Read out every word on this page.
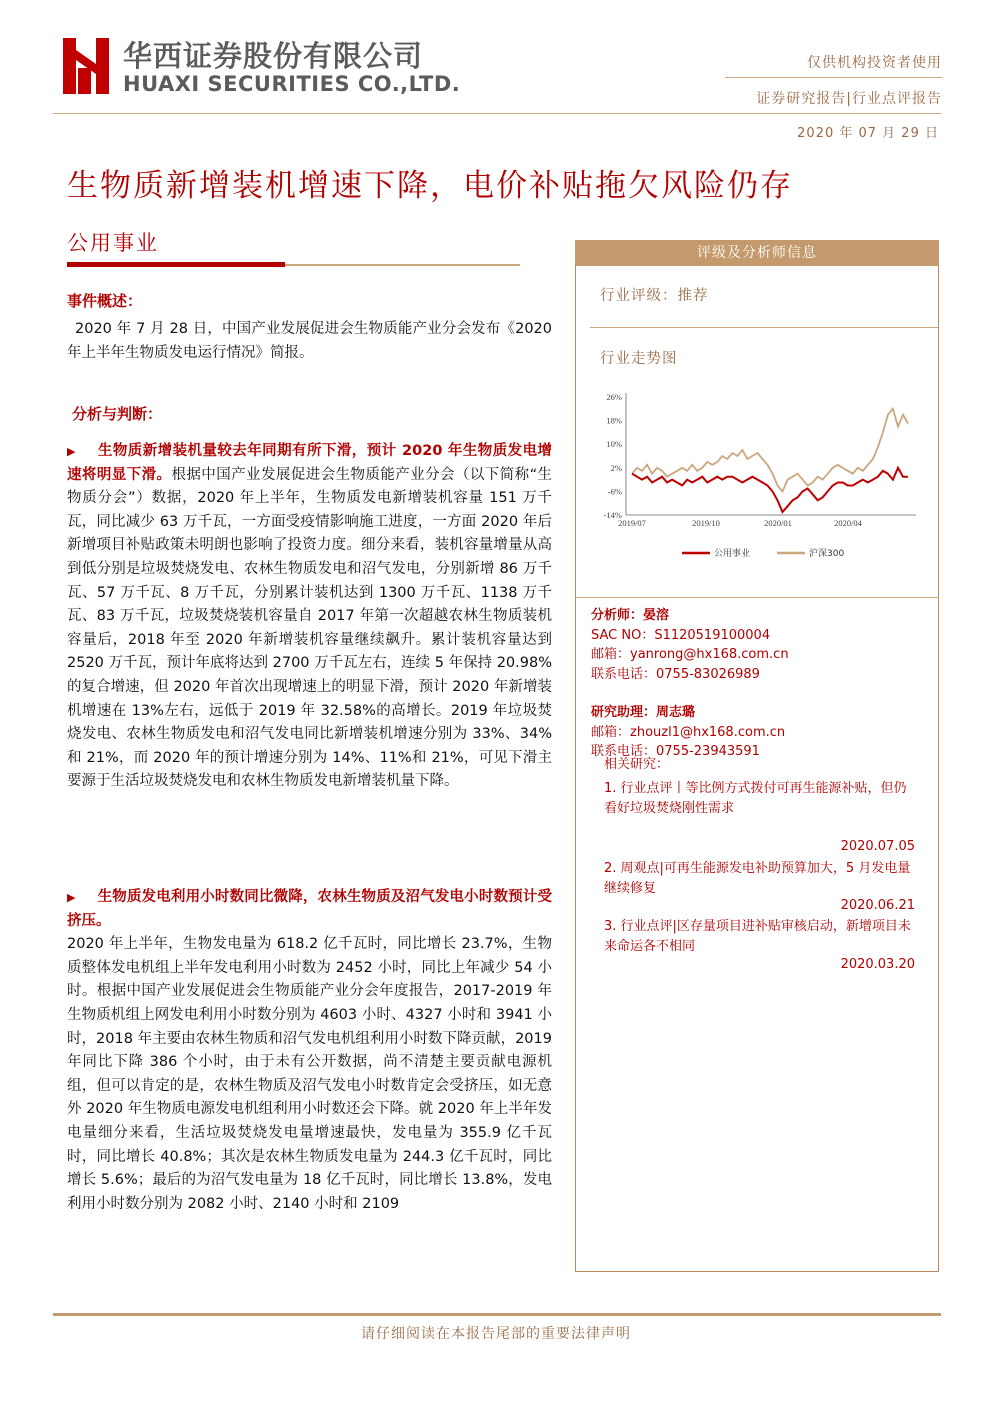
华西证券股份有限公司
HUAXI SECURITIES CO.,LTD.
仅供机构投资者使用
证券研究报告|行业点评报告
2020 年 07 月 29 日
生物质新增装机增速下降，电价补贴拖欠风险仍存
公用事业
事件概述：
2020 年 7 月 28 日，中国产业发展促进会生物质能产业分会发布《2020 年上半年生物质发电运行情况》简报。
分析与判断：
▶ 生物质新增装机量较去年同期有所下滑，预计 2020 年生物质发电增速将明显下滑。根据中国产业发展促进会生物质能产业分会（以下简称“生物质分会”）数据，2020 年上半年，生物质发电新增装机容量 151 万千瓦，同比减少 63 万千瓦，一方面受疫情影响施工进度，一方面 2020 年后新增项目补贴政策未明朗也影响了投资力度。细分来看，装机容量增量从高到低分别是垃圾焚烧发电、农林生物质发电和沼气发电，分别新增 86 万千瓦、57 万千瓦、8 万千瓦，分别累计装机达到 1300 万千瓦、1138 万千瓦、83 万千瓦，垃圾焚烧装机容量自 2017 年第一次超越农林生物质装机容量后，2018 年至 2020 年新增装机容量继续飙升。累计装机容量达到 2520 万千瓦，预计年底将达到 2700 万千瓦左右，连续 5 年保持 20.98%的复合增速，但 2020 年首次出现增速上的明显下滑，预计 2020 年新增装机增速在 13%左右，远低于 2019 年 32.58%的高增长。2019 年垃圾焚烧发电、农林生物质发电和沼气发电同比新增装机增速分别为 33%、34%和 21%，而 2020 年的预计增速分别为 14%、11%和 21%，可见下滑主要源于生活垃圾焚烧发电和农林生物质发电新增装机量下降。
▶ 生物质发电利用小时数同比微降，农林生物质及沼气发电小时数预计受挤压。
2020 年上半年，生物发电量为 618.2 亿千瓦时，同比增长 23.7%，生物质整体发电机组上半年发电利用小时数为 2452 小时，同比上年减少 54 小时。根据中国产业发展促进会生物质能产业分会年度报告，2017-2019 年生物质机组上网发电利用小时数分别为 4603 小时、4327 小时和 3941 小时，2018 年主要由农林生物质和沼气发电机组利用小时数下降贡献，2019 年同比下降 386 个小时，由于未有公开数据，尚不清楚主要贡献电源机组，但可以肯定的是，农林生物质及沼气发电小时数肯定会受挤压，如无意外 2020 年生物质电源发电机组利用小时数还会下降。就 2020 年上半年发电量细分来看，生活垃圾焚烧发电量增速最快，发电量为 355.9 亿千瓦时，同比增长 40.8%；其次是农林生物质发电量为 244.3 亿千瓦时，同比增长 5.6%；最后的为沼气发电量为 18 亿千瓦时，同比增长 13.8%，发电利用小时数分别为 2082 小时、2140 小时和 2109
评级及分析师信息
行业评级：推荐
行业走势图
26%
18%
10%
2%
-6%
-14%
2019/07	2019/10	2020/01	2020/04
公用事业	沪深300
分析师：晏溶
SAC NO：S1120519100004
邮箱：yanrong@hx168.com.cn
联系电话：0755-83026989
研究助理：周志璐
邮箱：zhouzl1@hx168.com.cn
联系电话：0755-23943591
相关研究：
1. 行业点评丨等比例方式拨付可再生能源补贴，但仍看好垃圾焚烧刚性需求
2020.07.05
2. 周观点|可再生能源发电补助预算加大，5 月发电量继续修复
2020.06.21
3. 行业点评|区存量项目进补贴审核启动，新增项目未来命运各不相同
2020.03.20
请仔细阅读在本报告尾部的重要法律声明
